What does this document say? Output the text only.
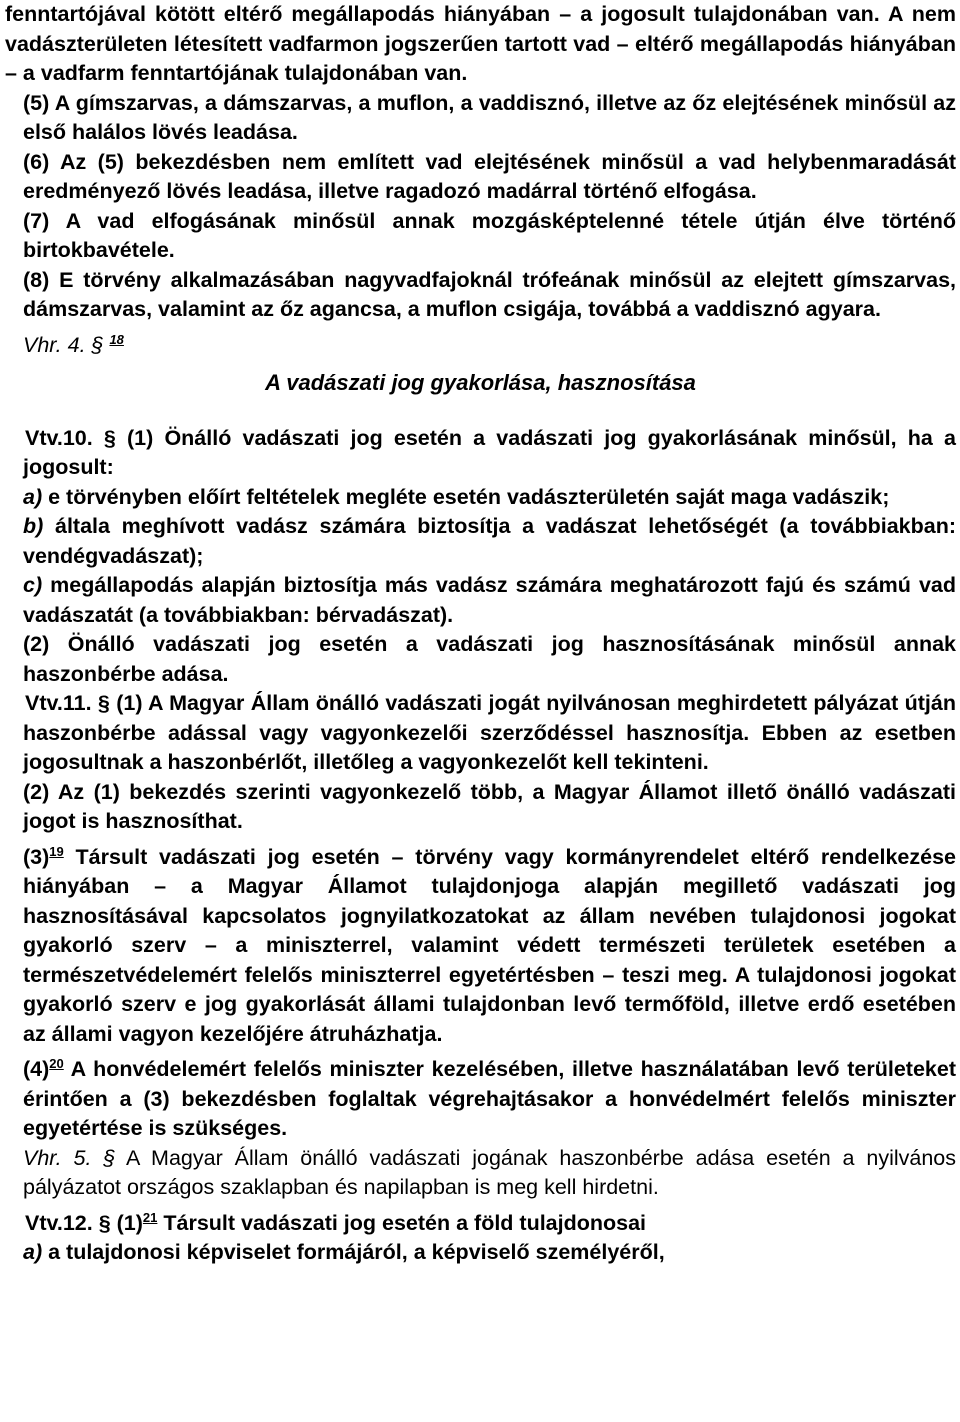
fenntartójával kötött eltérő megállapodás hiányában – a jogosult tulajdonában van. A nem vadászterületen létesített vadfarmon jogszerűen tartott vad – eltérő megállapodás hiányában – a vadfarm fenntartójának tulajdonában van.

(5) A gímszarvas, a dámszarvas, a muflon, a vaddisznó, illetve az őz elejtésének minősül az első halálos lövés leadása.

(6) Az (5) bekezdésben nem említett vad elejtésének minősül a vad helybenmaradását eredményező lövés leadása, illetve ragadozó madárral történő elfogása.

(7) A vad elfogásának minősül annak mozgásképtelenné tétele útján élve történő birtokbavétele.

(8) E törvény alkalmazásában nagyvadfajoknál trófeának minősül az elejtett gímszarvas, dámszarvas, valamint az őz agancsa, a muflon csigája, továbbá a vaddisznó agyara.

Vhr. 4. § $^{18}$

A vadászati jog gyakorlása, hasznosítása

Vtv.10. § (1) Önálló vadászati jog esetén a vadászati jog gyakorlásának minősül, ha a jogosult:

a) e törvényben előírt feltételek megléte esetén vadászterületén saját maga vadászik;

b) általa meghívott vadász számára biztosítja a vadászat lehetőségét (a továbbiakban: vendégvadászat);

c) megállapodás alapján biztosítja más vadász számára meghatározott fajú és számú vad vadászatát (a továbbiakban: bérvadászat).

(2) Önálló vadászati jog esetén a vadászati jog hasznosításának minősül annak haszonbérbe adása.

Vtv.11. § (1) A Magyar Állam önálló vadászati jogát nyilvánosan meghirdetett pályázat útján haszonbérbe adással vagy vagyonkezelői szerződéssel hasznosítja. Ebben az esetben jogosultnak a haszonbérlőt, illetőleg a vagyonkezelőt kell tekinteni.

(2) Az (1) bekezdés szerinti vagyonkezelő több, a Magyar Államot illető önálló vadászati jogot is hasznosíthat.

(3)$^{19}$ Társult vadászati jog esetén – törvény vagy kormányrendelet eltérő rendelkezése hiányában – a Magyar Államot tulajdonjoga alapján megillető vadászati jog hasznosításával kapcsolatos jognyilatkozatokat az állam nevében tulajdonosi jogokat gyakorló szerv – a miniszterrel, valamint védett természeti területek esetében a természetvédelemért felelős miniszterrel egyetértésben – teszi meg. A tulajdonosi jogokat gyakorló szerv e jog gyakorlását állami tulajdonban levő termőföld, illetve erdő esetében az állami vagyon kezelőjére átruházhatja.

(4)$^{20}$ A honvédelemért felelős miniszter kezelésében, illetve használatában levő területeket érintően a (3) bekezdésben foglaltak végrehajtásakor a honvédelmért felelős miniszter egyetértése is szükséges.

Vhr. 5. § A Magyar Állam önálló vadászati jogának haszonbérbe adása esetén a nyilvános pályázatot országos szaklapban és napilapban is meg kell hirdetni.

Vtv.12. § (1)$^{21}$ Társult vadászati jog esetén a föld tulajdonosai

a) a tulajdonosi képviselet formájáról, a képviselő személyéről,
